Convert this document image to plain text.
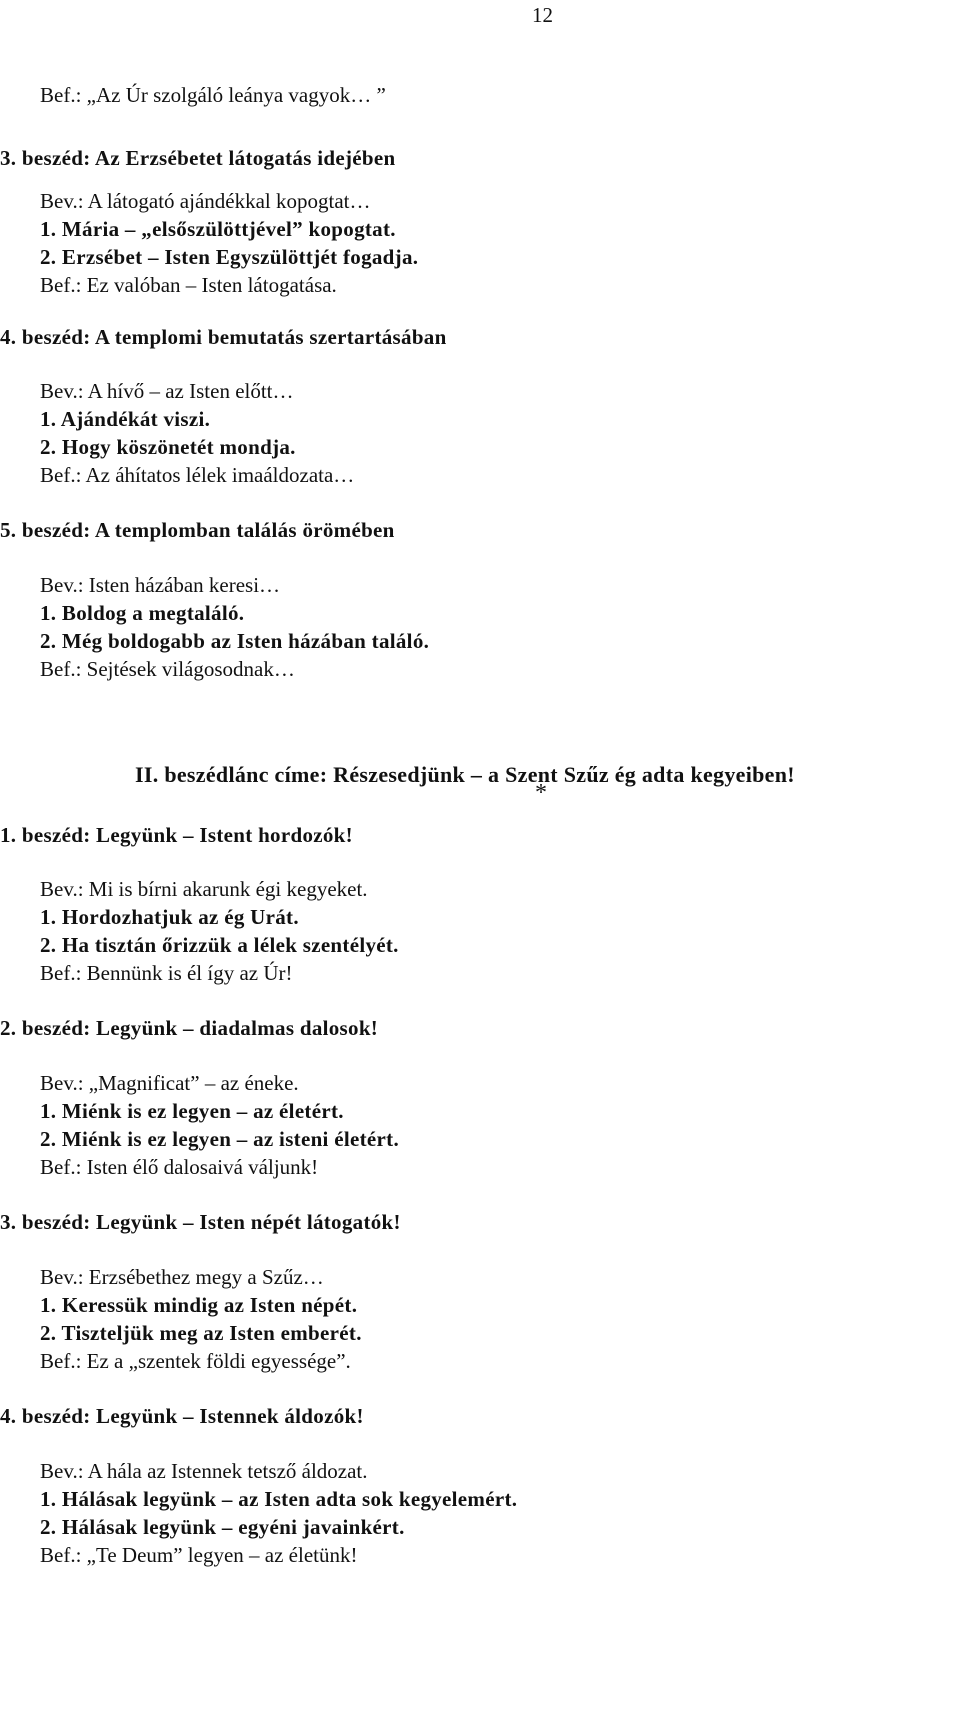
12
Bef.: „Az Úr szolgáló leánya vagyok… ”
3. beszéd: Az Erzsébetet látogatás idejében
Bev.: A látogató ajándékkal kopogtat…
1. Mária – „elsőszülöttjével” kopogtat.
2. Erzsébet – Isten Egyszülöttjét fogadja.
Bef.: Ez valóban – Isten látogatása.
4. beszéd: A templomi bemutatás szertartásában
Bev.: A hívő – az Isten előtt…
1. Ajándékát viszi.
2. Hogy köszönetét mondja.
Bef.: Az áhítatos lélek imaáldozata…
5. beszéd: A templomban találás örömében
Bev.: Isten házában keresi…
1. Boldog a megtaláló.
2. Még boldogabb az Isten házában találó.
Bef.: Sejtések világosodnak…
*
II. beszédlánc címe: Részesedjünk – a Szent Szűz ég adta kegyeiben!
1. beszéd: Legyünk – Istent hordozók!
Bev.: Mi is bírni akarunk égi kegyeket.
1. Hordozhatjuk az ég Urát.
2. Ha tisztán őrizzük a lélek szentélyét.
Bef.: Bennünk is él így az Úr!
2. beszéd: Legyünk – diadalmas dalosok!
Bev.: „Magnificat” – az éneke.
1. Miénk is ez legyen – az életért.
2. Miénk is ez legyen – az isteni életért.
Bef.: Isten élő dalosaivá váljunk!
3. beszéd: Legyünk – Isten népét látogatók!
Bev.: Erzsébethez megy a Szűz…
1. Keressük mindig az Isten népét.
2. Tiszteljük meg az Isten emberét.
Bef.: Ez a „szentek földi egyessége”.
4. beszéd: Legyünk – Istennek áldozók!
Bev.: A hála az Istennek tetsző áldozat.
1. Hálásak legyünk – az Isten adta sok kegyelemért.
2. Hálásak legyünk – egyéni javainkért.
Bef.: „Te Deum” legyen – az életünk!
